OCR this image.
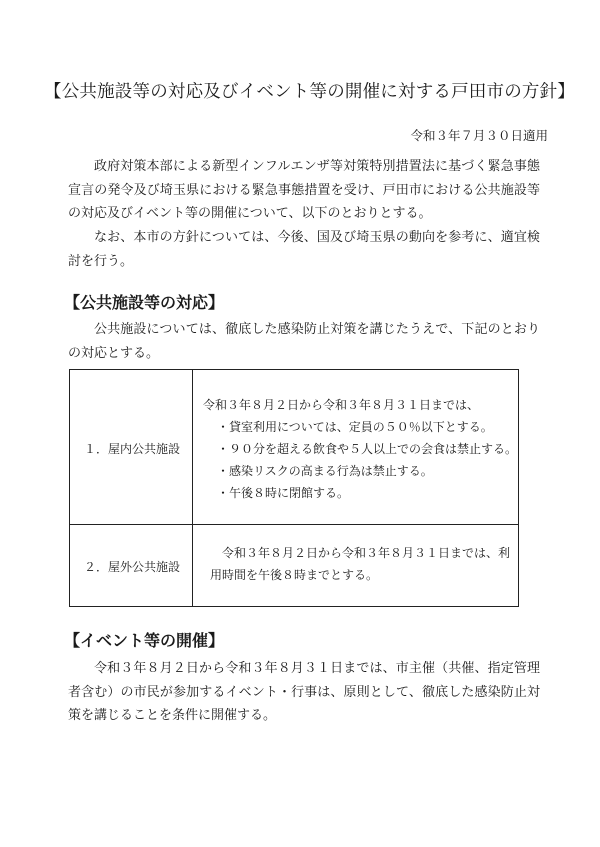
【公共施設等の対応及びイベント等の開催に対する戸田市の方針】
令和３年７月３０日適用

政府対策本部による新型インフルエンザ等対策特別措置法に基づく緊急事態宣言の発令及び埼玉県における緊急事態措置を受け、戸田市における公共施設等の対応及びイベント等の開催について、以下のとおりとする。

なお、本市の方針については、今後、国及び埼玉県の動向を参考に、適宜検討を行う。

【公共施設等の対応】

公共施設については、徹底した感染防止対策を講じたうえで、下記のとおりの対応とする。

１．屋内公共施設
令和３年８月２日から令和３年８月３１日までは、
・貸室利用については、定員の５０％以下とする。
・９０分を超える飲食や５人以上での会食は禁止する。
・感染リスクの高まる行為は禁止する。
・午後８時に閉館する。
２．屋外公共施設
令和３年８月２日から令和３年８月３１日までは、利用時間を午後８時までとする。
【イベント等の開催】

令和３年８月２日から令和３年８月３１日までは、市主催（共催、指定管理者含む）の市民が参加するイベント・行事は、原則として、徹底した感染防止対策を講じることを条件に開催する。
